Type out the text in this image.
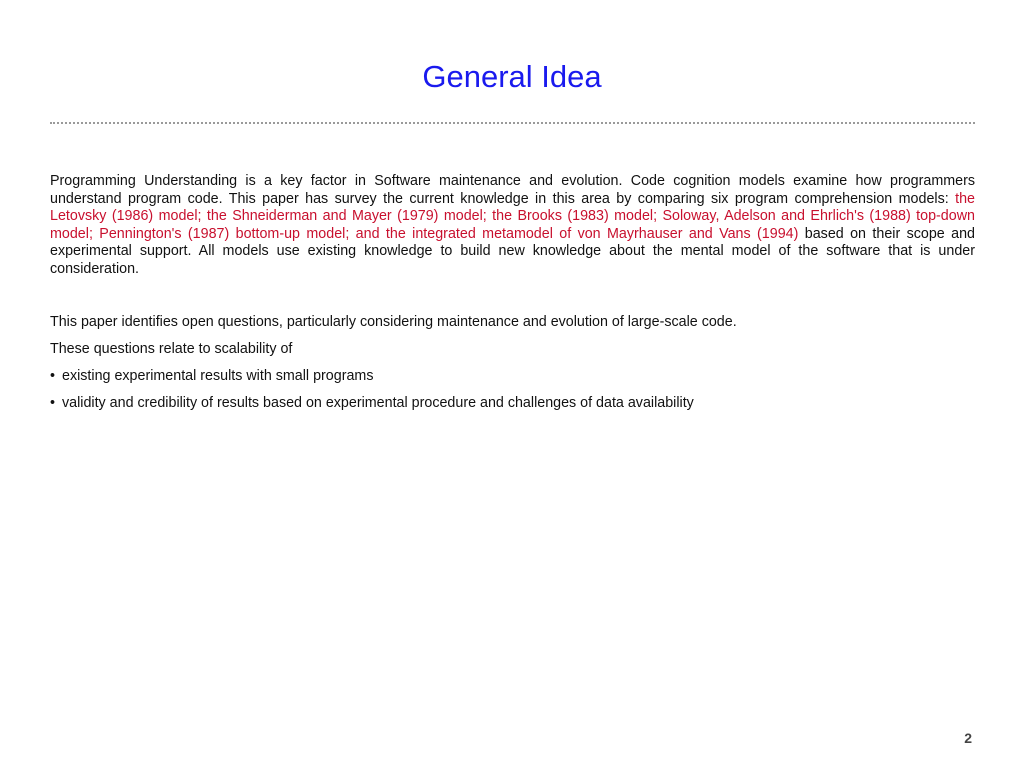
General Idea

Programming Understanding is a key factor in Software maintenance and evolution. Code cognition models examine how programmers understand program code. This paper has survey the current knowledge in this area by comparing six program comprehension models: the Letovsky (1986) model; the Shneiderman and Mayer (1979) model; the Brooks (1983) model; Soloway, Adelson and Ehrlich's (1988) top-down model; Pennington's (1987) bottom-up model; and the integrated metamodel of von Mayrhauser and Vans (1994) based on their scope and experimental support. All models use existing knowledge to build new knowledge about the mental model of the software that is under consideration.

This paper identifies open questions, particularly considering maintenance and evolution of large-scale code.

These questions relate to scalability of

• existing experimental results with small programs
• validity and credibility of results based on experimental procedure and challenges of data availability
2
